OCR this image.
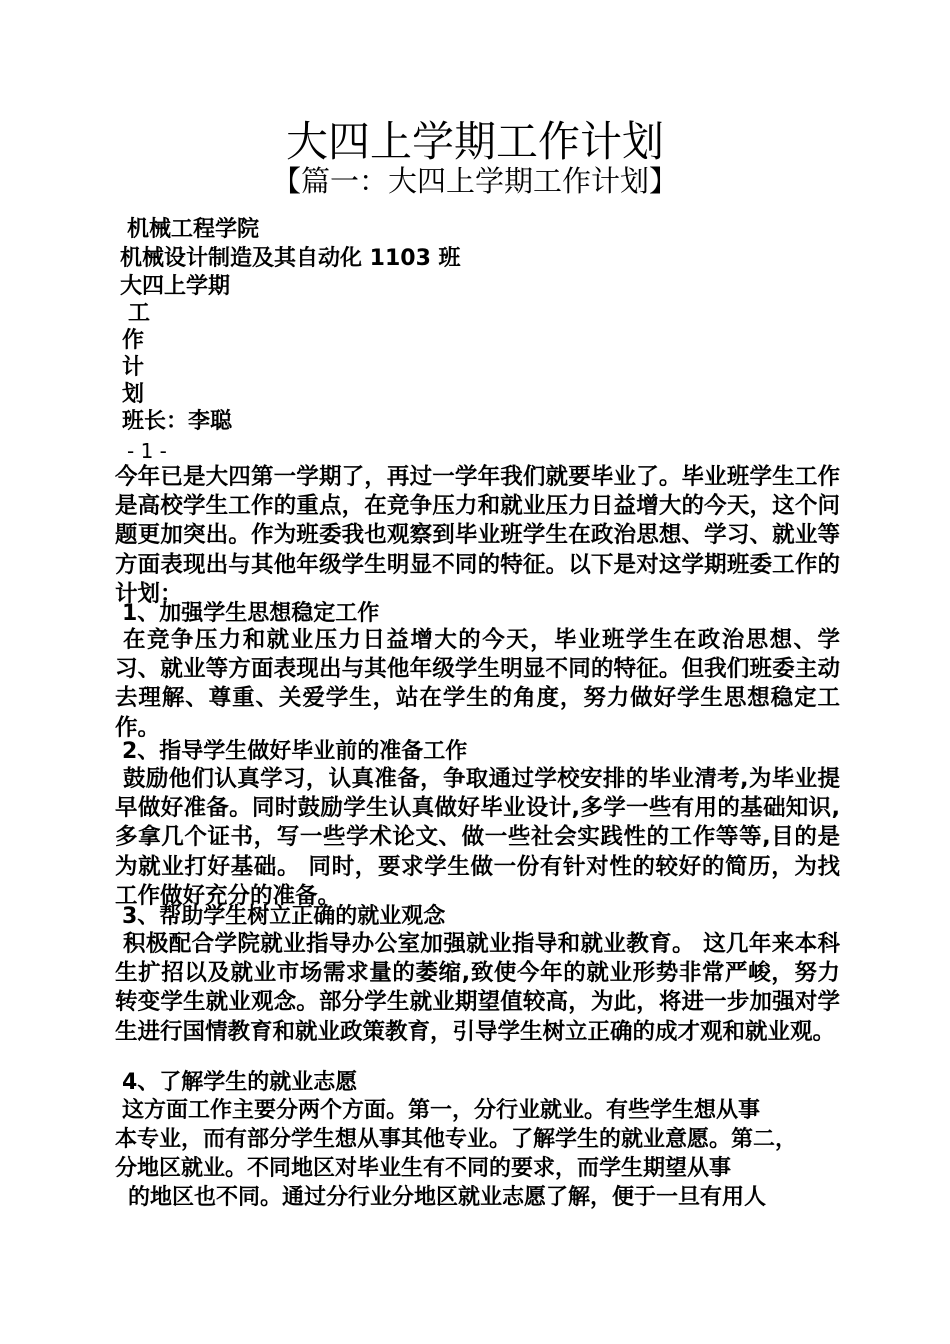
大四上学期工作计划
【篇一：大四上学期工作计划】

机械工程学院

机械设计制造及其自动化 1103 班

大四上学期

工

作

计

划

班长：李聪

- 1 -

今年已是大四第一学期了，再过一学年我们就要毕业了。毕业班学生工作是高校学生工作的重点，在竞争压力和就业压力日益增大的今天，这个问题更加突出。作为班委我也观察到毕业班学生在政治思想、学习、就业等方面表现出与其他年级学生明显不同的特征。以下是对这学期班委工作的计划：

1、加强学生思想稳定工作

在竞争压力和就业压力日益增大的今天，毕业班学生在政治思想、学习、就业等方面表现出与其他年级学生明显不同的特征。但我们班委主动去理解、尊重、关爱学生，站在学生的角度，努力做好学生思想稳定工作。

2、指导学生做好毕业前的准备工作

鼓励他们认真学习，认真准备，争取通过学校安排的毕业清考,为毕业提早做好准备。同时鼓励学生认真做好毕业设计,多学一些有用的基础知识,多拿几个证书，写一些学术论文、做一些社会实践性的工作等等,目的是为就业打好基础。 同时，要求学生做一份有针对性的较好的简历，为找工作做好充分的准备。

3、帮助学生树立正确的就业观念

积极配合学院就业指导办公室加强就业指导和就业教育。 这几年来本科生扩招以及就业市场需求量的萎缩,致使今年的就业形势非常严峻，努力转变学生就业观念。部分学生就业期望值较高，为此，将进一步加强对学生进行国情教育和就业政策教育，引导学生树立正确的成才观和就业观。

4、了解学生的就业志愿

这方面工作主要分两个方面。第一，分行业就业。有些学生想从事

本专业，而有部分学生想从事其他专业。了解学生的就业意愿。第二，

分地区就业。不同地区对毕业生有不同的要求，而学生期望从事

的地区也不同。通过分行业分地区就业志愿了解，便于一旦有用人
